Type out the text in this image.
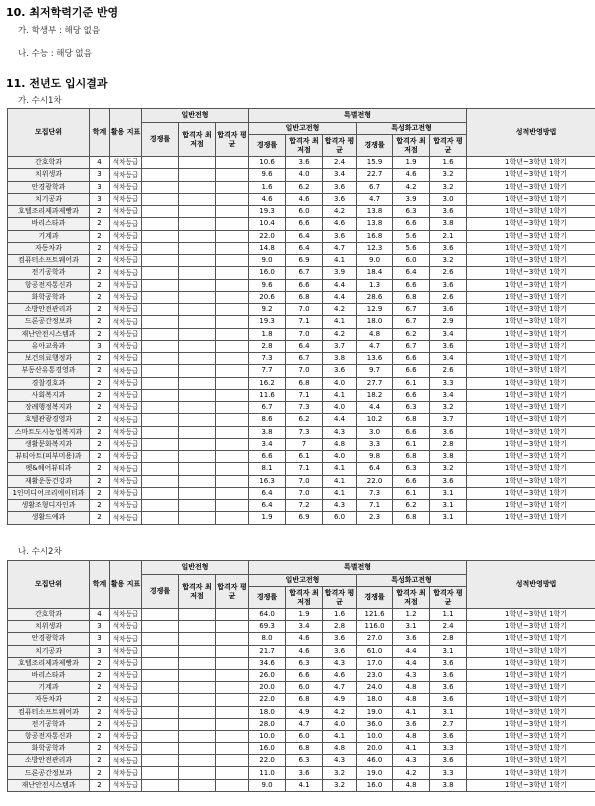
10. 최저학력기준 반영
가. 학생부 : 해당 없음
나. 수능 : 해당 없음
11. 전년도 입시결과
가. 수시1차
모집단위	학계	활용 지표	일반전형			특별전형						성적반영방법
			경쟁률	합격자 최저점	합격자 평균	일반고전형			특성화고전형			
						경쟁률	합격자 최저점	합격자 평균	경쟁률	합격자 최저점	합격자 평균	
간호학과	4	석차등급				10.6	3.6	2.4	15.9	1.9	1.6	1학년~3학년 1학기
치위생과	3	석차등급				9.6	4.0	3.4	22.7	4.6	3.2	1학년~3학년 1학기
안경광학과	3	석차등급				1.6	6.2	3.6	6.7	4.2	3.2	1학년~3학년 1학기
치기공과	3	석차등급				4.6	4.6	3.6	4.7	3.9	3.0	1학년~3학년 1학기
호텔조리제과제빵과	2	석차등급				19.3	6.0	4.2	13.8	6.3	3.6	1학년~3학년 1학기
바리스타과	2	석차등급				10.4	6.6	4.6	13.8	6.6	3.8	1학년~3학년 1학기
기계과	2	석차등급				22.0	6.4	3.6	16.8	5.6	2.1	1학년~3학년 1학기
자동차과	2	석차등급				14.8	6.4	4.7	12.3	5.6	3.6	1학년~3학년 1학기
컴퓨터소프트웨어과	2	석차등급				9.0	6.9	4.1	9.0	6.0	3.2	1학년~3학년 1학기
전기공학과	2	석차등급				16.0	6.7	3.9	18.4	6.4	2.6	1학년~3학년 1학기
항공전자통신과	2	석차등급				9.6	6.6	4.4	1.3	6.6	3.6	1학년~3학년 1학기
화학공학과	2	석차등급				20.6	6.8	4.4	28.6	6.8	2.6	1학년~3학년 1학기
소방안전관리과	2	석차등급				9.2	7.0	4.2	12.9	6.7	3.6	1학년~3학년 1학기
드론공간정보과	2	석차등급				19.3	7.1	4.1	18.0	6.7	2.9	1학년~3학년 1학기
재난안전시스템과	2	석차등급				1.8	7.0	4.2	4.8	6.2	3.4	1학년~3학년 1학기
유아교육과	3	석차등급				2.8	6.4	3.7	4.7	6.7	3.6	1학년~3학년 1학기
보건의료행정과	2	석차등급				7.3	6.7	3.8	13.6	6.6	3.4	1학년~3학년 1학기
부동산유통경영과	2	석차등급				7.7	7.0	3.6	9.7	6.6	2.6	1학년~3학년 1학기
경찰경호과	2	석차등급				16.2	6.8	4.0	27.7	6.1	3.3	1학년~3학년 1학기
사회복지과	2	석차등급				11.6	7.1	4.1	18.2	6.6	3.4	1학년~3학년 1학기
장례행정복지과	2	석차등급				6.7	7.3	4.0	4.4	6.3	3.2	1학년~3학년 1학기
호텔관광경영과	2	석차등급				8.6	6.2	4.4	10.2	6.8	3.7	1학년~3학년 1학기
스마트도시농업복지과	2	석차등급				3.8	7.3	4.3	3.0	6.6	3.6	1학년~3학년 1학기
생활문화복지과	2	석차등급				3.4	7	4.8	3.3	6.1	2.8	1학년~3학년 1학기
뷰티아트(피부미용)과	2	석차등급				6.6	6.1	4.0	9.8	6.8	3.8	1학년~3학년 1학기
펫&헤어뷰티과	2	석차등급				8.1	7.1	4.1	6.4	6.3	3.2	1학년~3학년 1학기
재활운동건강과	2	석차등급				16.3	7.0	4.1	22.0	6.6	3.6	1학년~3학년 1학기
1인미디어크리에이터과	2	석차등급				6.4	7.0	4.1	7.3	6.1	3.1	1학년~3학년 1학기
생활조형디자인과	2	석차등급				6.4	7.2	4.3	7.1	6.2	3.1	1학년~3학년 1학기
생활드예과	2	석차등급				1.9	6.9	6.0	2.3	6.8	3.1	1학년~3학년 1학기
나. 수시2차
모집단위	학계	활용 지표	일반전형			특별전형						성적반영방법
			경쟁률	합격자 최저점	합격자 평균	일반고전형			특성화고전형			
						경쟁률	합격자 최저점	합격자 평균	경쟁률	합격자 최저점	합격자 평균	
간호학과	4	석차등급				64.0	1.9	1.6	121.6	1.2	1.1	1학년~3학년 1학기
치위생과	3	석차등급				69.3	3.4	2.8	116.0	3.1	2.4	1학년~3학년 1학기
안경광학과	3	석차등급				8.0	4.6	3.6	27.0	3.6	2.8	1학년~3학년 1학기
치기공과	3	석차등급				21.7	4.6	3.6	61.0	4.4	3.1	1학년~3학년 1학기
호텔조리제과제빵과	2	석차등급				34.6	6.3	4.3	17.0	4.4	3.6	1학년~3학년 1학기
바리스타과	2	석차등급				26.0	6.6	4.6	23.0	4.3	3.6	1학년~3학년 1학기
기계과	2	석차등급				20.0	6.0	4.7	24.0	4.8	3.6	1학년~3학년 1학기
자동차과	2	석차등급				22.0	6.8	4.9	18.0	4.8	3.6	1학년~3학년 1학기
컴퓨터소프트웨어과	2	석차등급				18.0	4.9	4.2	19.0	4.1	3.1	1학년~3학년 1학기
전기공학과	2	석차등급				28.0	4.7	4.0	36.0	3.6	2.7	1학년~3학년 1학기
항공전자통신과	2	석차등급				10.0	6.0	4.1	10.0	4.8	3.6	1학년~3학년 1학기
화학공학과	2	석차등급				16.0	6.8	4.8	20.0	4.1	3.3	1학년~3학년 1학기
소방안전관리과	2	석차등급				22.0	6.3	4.3	46.0	4.3	3.6	1학년~3학년 1학기
드론공간정보과	2	석차등급				11.0	3.6	3.2	19.0	4.2	3.3	1학년~3학년 1학기
재난안전시스템과	2	석차등급				9.0	4.1	3.2	16.0	4.8	3.8	1학년~3학년 1학기
